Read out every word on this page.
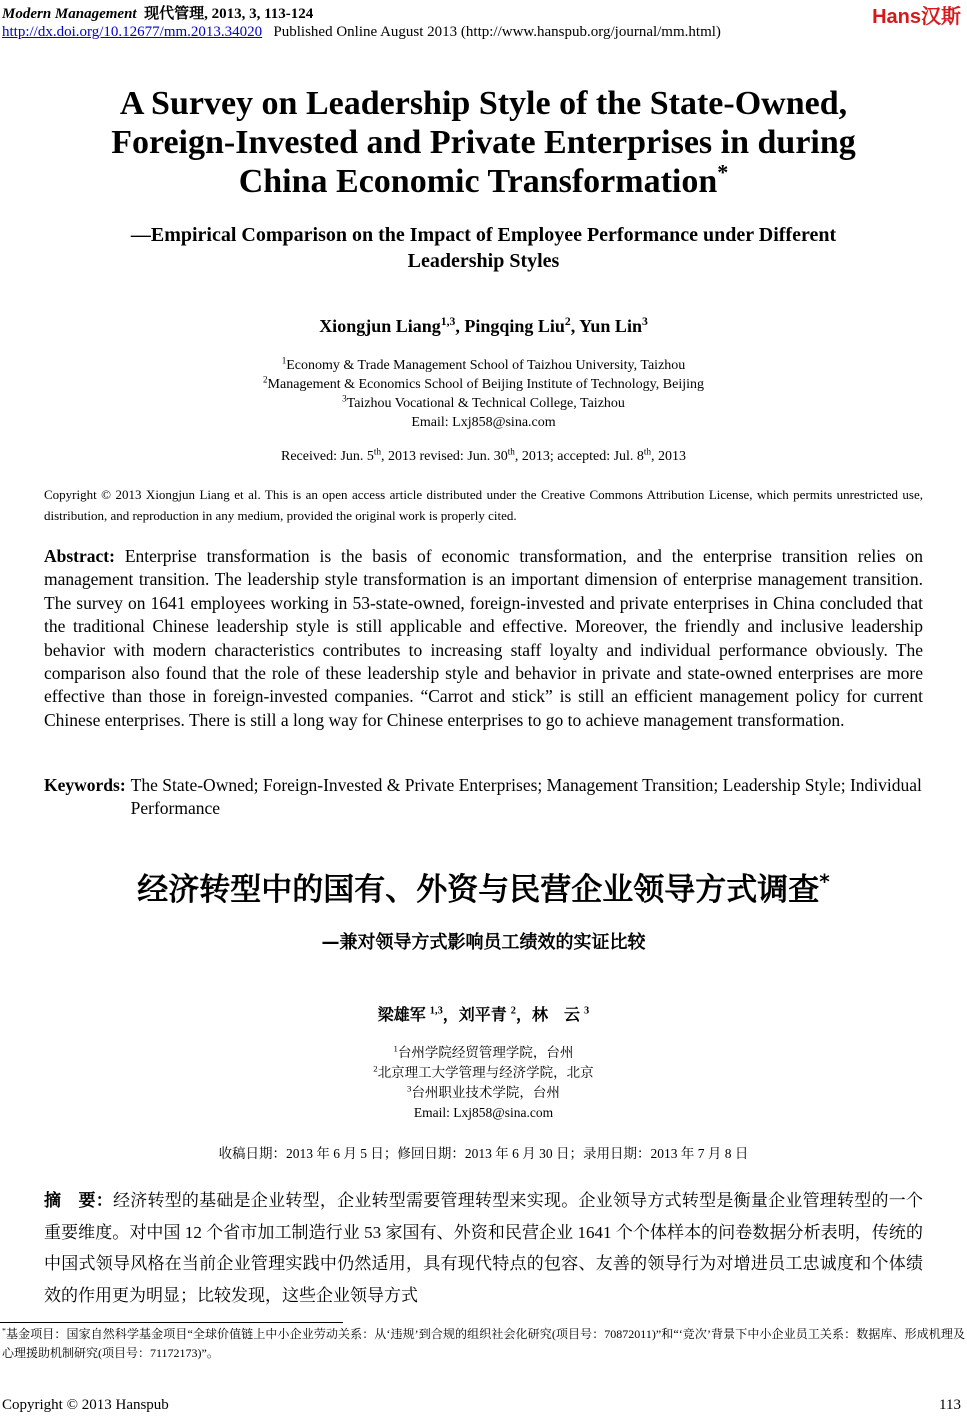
Modern Management 现代管理, 2013, 3, 113-124
http://dx.doi.org/10.12677/mm.2013.34020 Published Online August 2013 (http://www.hanspub.org/journal/mm.html)
Hans汉斯
A Survey on Leadership Style of the State-Owned,
Foreign-Invested and Private Enterprises in during
China Economic Transformation*
—Empirical Comparison on the Impact of Employee Performance under Different
Leadership Styles
Xiongjun Liang$^{1,3}$, Pingqing Liu$^2$, Yun Lin$^3$
$^1$Economy & Trade Management School of Taizhou University, Taizhou
$^2$Management & Economics School of Beijing Institute of Technology, Beijing
$^3$Taizhou Vocational & Technical College, Taizhou
Email: Lxj858@sina.com
Received: Jun. 5th, 2013 revised: Jun. 30th, 2013; accepted: Jul. 8th, 2013
Copyright © 2013 Xiongjun Liang et al. This is an open access article distributed under the Creative Commons Attribution License, which permits unrestricted use, distribution, and reproduction in any medium, provided the original work is properly cited.
Abstract: Enterprise transformation is the basis of economic transformation, and the enterprise transition relies on management transition. The leadership style transformation is an important dimension of enterprise management transition. The survey on 1641 employees working in 53-state-owned, foreign-invested and private enterprises in China concluded that the traditional Chinese leadership style is still applicable and effective. Moreover, the friendly and inclusive leadership behavior with modern characteristics contributes to increasing staff loyalty and individual performance obviously. The comparison also found that the role of these leadership style and behavior in private and state-owned enterprises are more effective than those in foreign-invested companies. “Carrot and stick” is still an efficient management policy for current Chinese enterprises. There is still a long way for Chinese enterprises to go to achieve management transformation.
Keywords: The State-Owned; Foreign-Invested & Private Enterprises; Management Transition; Leadership Style; Individual Performance
经济转型中的国有、外资与民营企业领导方式调查*
—兼对领导方式影响员工绩效的实证比较
梁雄军 $^{1,3}$，刘平青 $^2$，林　云 $^3$
$^1$台州学院经贸管理学院，台州
$^2$北京理工大学管理与经济学院，北京
$^3$台州职业技术学院，台州
Email: Lxj858@sina.com
收稿日期：2013 年 6 月 5 日；修回日期：2013 年 6 月 30 日；录用日期：2013 年 7 月 8 日
摘　要：经济转型的基础是企业转型，企业转型需要管理转型来实现。企业领导方式转型是衡量企业管理转型的一个重要维度。对中国 12 个省市加工制造行业 53 家国有、外资和民营企业 1641 个个体样本的问卷数据分析表明，传统的中国式领导风格在当前企业管理实践中仍然适用，具有现代特点的包容、友善的领导行为对增进员工忠诚度和个体绩效的作用更为明显；比较发现，这些企业领导方式
*基金项目：国家自然科学基金项目“全球价值链上中小企业劳动关系：从‘违规’到合规的组织社会化研究(项目号：70872011)”和“‘竞次’背景下中小企业员工关系：数据库、形成机理及心理援助机制研究(项目号：71172173)”。
Copyright © 2013 Hanspub	113
